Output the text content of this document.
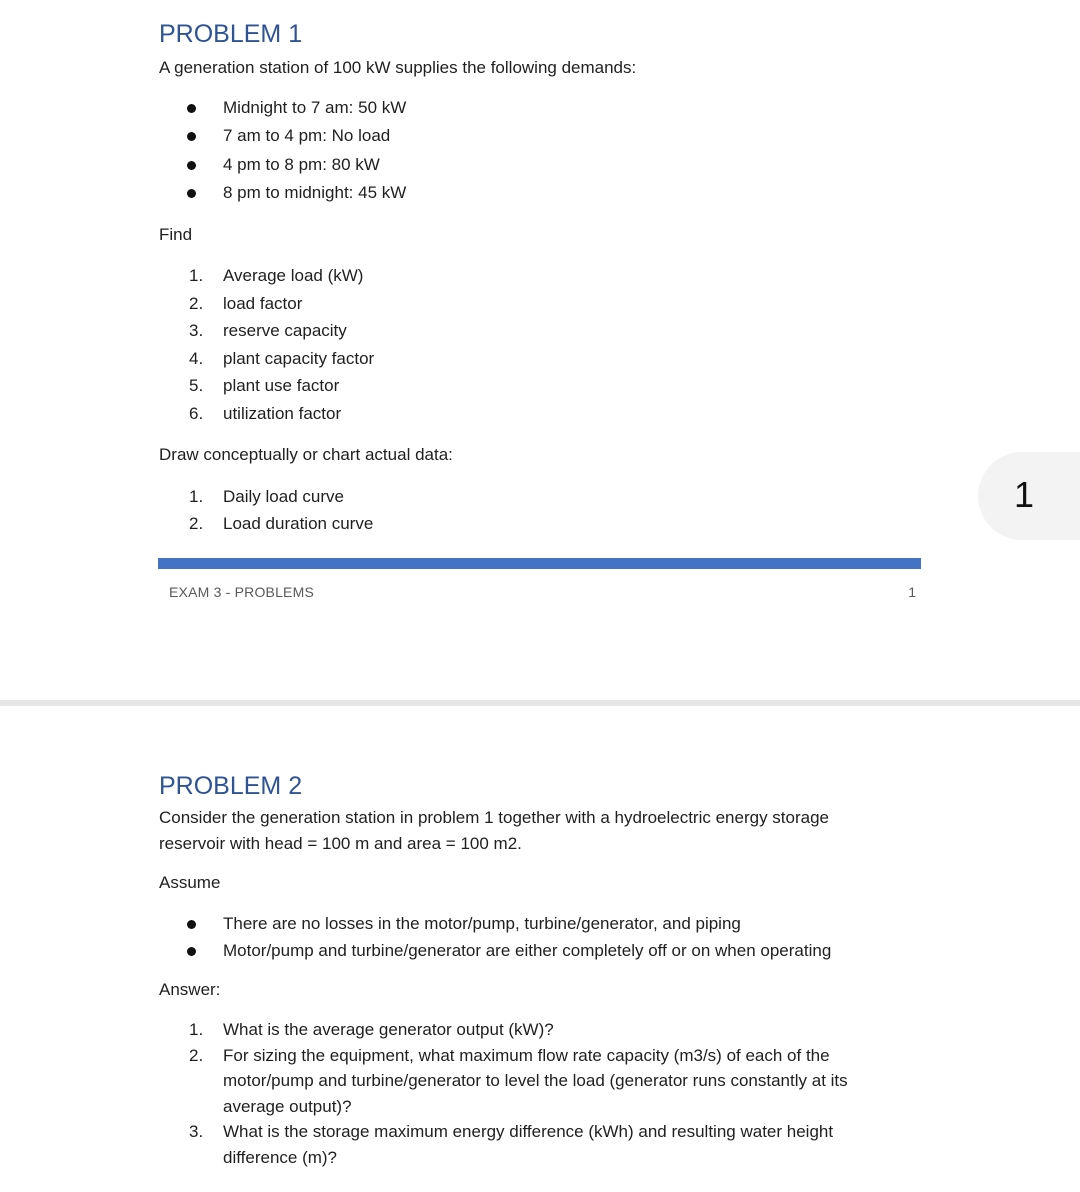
PROBLEM 1
A generation station of 100 kW supplies the following demands:
Midnight to 7 am: 50 kW
7 am to 4 pm: No load
4 pm to 8 pm: 80 kW
8 pm to midnight: 45 kW
Find
1.	Average load (kW)
2.	load factor
3.	reserve capacity
4.	plant capacity factor
5.	plant use factor
6.	utilization factor
Draw conceptually or chart actual data:
1.	Daily load curve
2.	Load duration curve
EXAM 3 - PROBLEMS	1
1
PROBLEM 2
Consider the generation station in problem 1 together with a hydroelectric energy storage
reservoir with head = 100 m and area = 100 m2.
Assume
There are no losses in the motor/pump, turbine/generator, and piping
Motor/pump and turbine/generator are either completely off or on when operating
Answer:
1.	What is the average generator output (kW)?
2.	For sizing the equipment, what maximum flow rate capacity (m3/s) of each of the
motor/pump and turbine/generator to level the load (generator runs constantly at its
average output)?
3.	What is the storage maximum energy difference (kWh) and resulting water height
difference (m)?
